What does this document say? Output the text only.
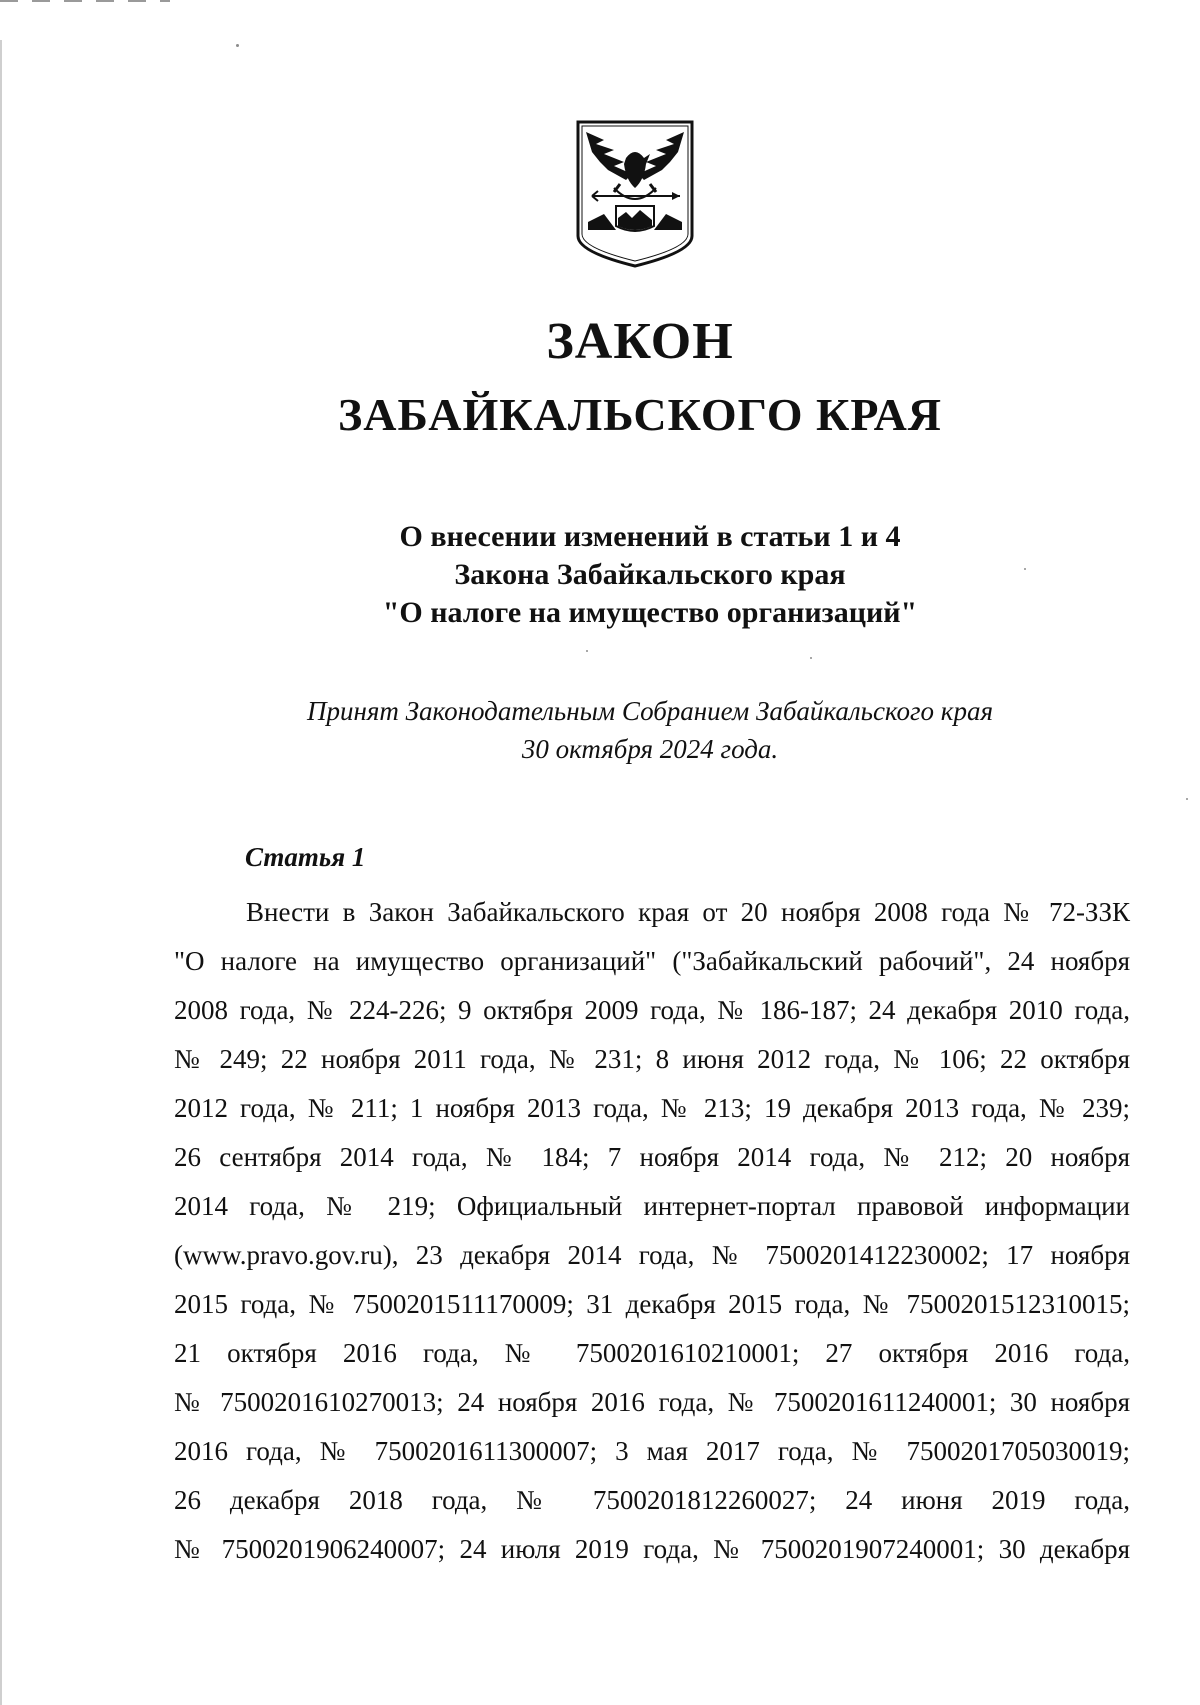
ЗАКОН
ЗАБАЙКАЛЬСКОГО КРАЯ
О внесении изменений в статьи 1 и 4
Закона Забайкальского края
"О налоге на имущество организаций"
Принят Законодательным Собранием Забайкальского края
30 октября 2024 года.
Статья 1
Внести в Закон Забайкальского края от 20 ноября 2008 года № 72-ЗЗК
"О налоге на имущество организаций" ("Забайкальский рабочий", 24 ноября
2008 года, № 224-226; 9 октября 2009 года, № 186-187; 24 декабря 2010 года,
№ 249; 22 ноября 2011 года, № 231; 8 июня 2012 года, № 106; 22 октября
2012 года, № 211; 1 ноября 2013 года, № 213; 19 декабря 2013 года, № 239;
26 сентября 2014 года, № 184; 7 ноября 2014 года, № 212; 20 ноября
2014 года, № 219; Официальный интернет-портал правовой информации
(www.pravo.gov.ru), 23 декабря 2014 года, № 7500201412230002; 17 ноября
2015 года, № 7500201511170009; 31 декабря 2015 года, № 7500201512310015;
21 октября 2016 года, № 7500201610210001; 27 октября 2016 года,
№ 7500201610270013; 24 ноября 2016 года, № 7500201611240001; 30 ноября
2016 года, № 7500201611300007; 3 мая 2017 года, № 7500201705030019;
26 декабря 2018 года, № 7500201812260027; 24 июня 2019 года,
№ 7500201906240007; 24 июля 2019 года, № 7500201907240001; 30 декабря
